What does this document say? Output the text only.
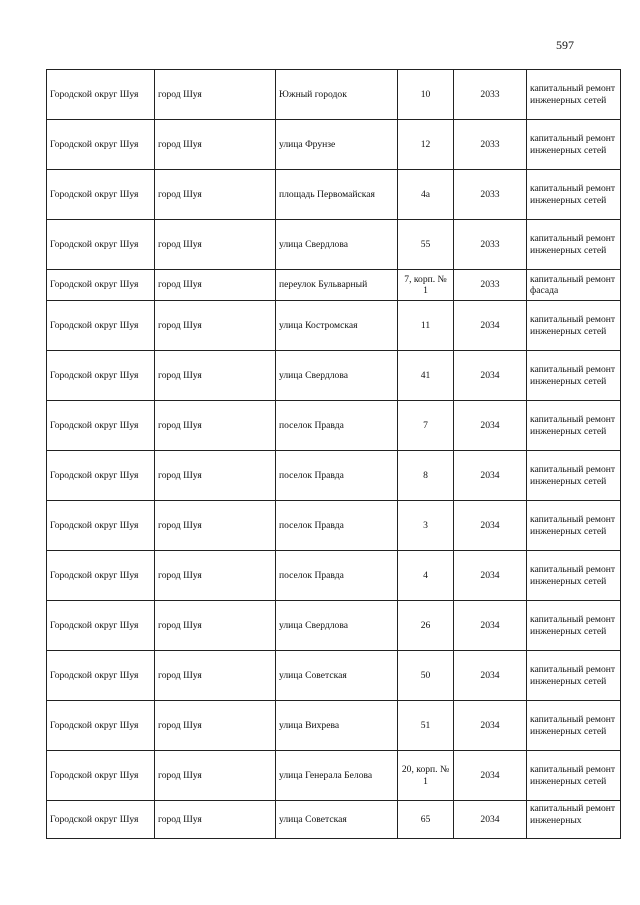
597
Городской округ Шуя	город Шуя	Южный городок	10	2033	капитальный ремонт инженерных сетей
Городской округ Шуя	город Шуя	улица Фрунзе	12	2033	капитальный ремонт инженерных сетей
Городской округ Шуя	город Шуя	площадь Первомайская	4а	2033	капитальный ремонт инженерных сетей
Городской округ Шуя	город Шуя	улица Свердлова	55	2033	капитальный ремонт инженерных сетей
Городской округ Шуя	город Шуя	переулок Бульварный	7, корп. № 1	2033	капитальный ремонт фасада
Городской округ Шуя	город Шуя	улица Костромская	11	2034	капитальный ремонт инженерных сетей
Городской округ Шуя	город Шуя	улица Свердлова	41	2034	капитальный ремонт инженерных сетей
Городской округ Шуя	город Шуя	поселок Правда	7	2034	капитальный ремонт инженерных сетей
Городской округ Шуя	город Шуя	поселок Правда	8	2034	капитальный ремонт инженерных сетей
Городской округ Шуя	город Шуя	поселок Правда	3	2034	капитальный ремонт инженерных сетей
Городской округ Шуя	город Шуя	поселок Правда	4	2034	капитальный ремонт инженерных сетей
Городской округ Шуя	город Шуя	улица Свердлова	26	2034	капитальный ремонт инженерных сетей
Городской округ Шуя	город Шуя	улица Советская	50	2034	капитальный ремонт инженерных сетей
Городской округ Шуя	город Шуя	улица Вихрева	51	2034	капитальный ремонт инженерных сетей
Городской округ Шуя	город Шуя	улица Генерала Белова	20, корп. № 1	2034	капитальный ремонт инженерных сетей
Городской округ Шуя	город Шуя	улица Советская	65	2034	капитальный ремонт инженерных
